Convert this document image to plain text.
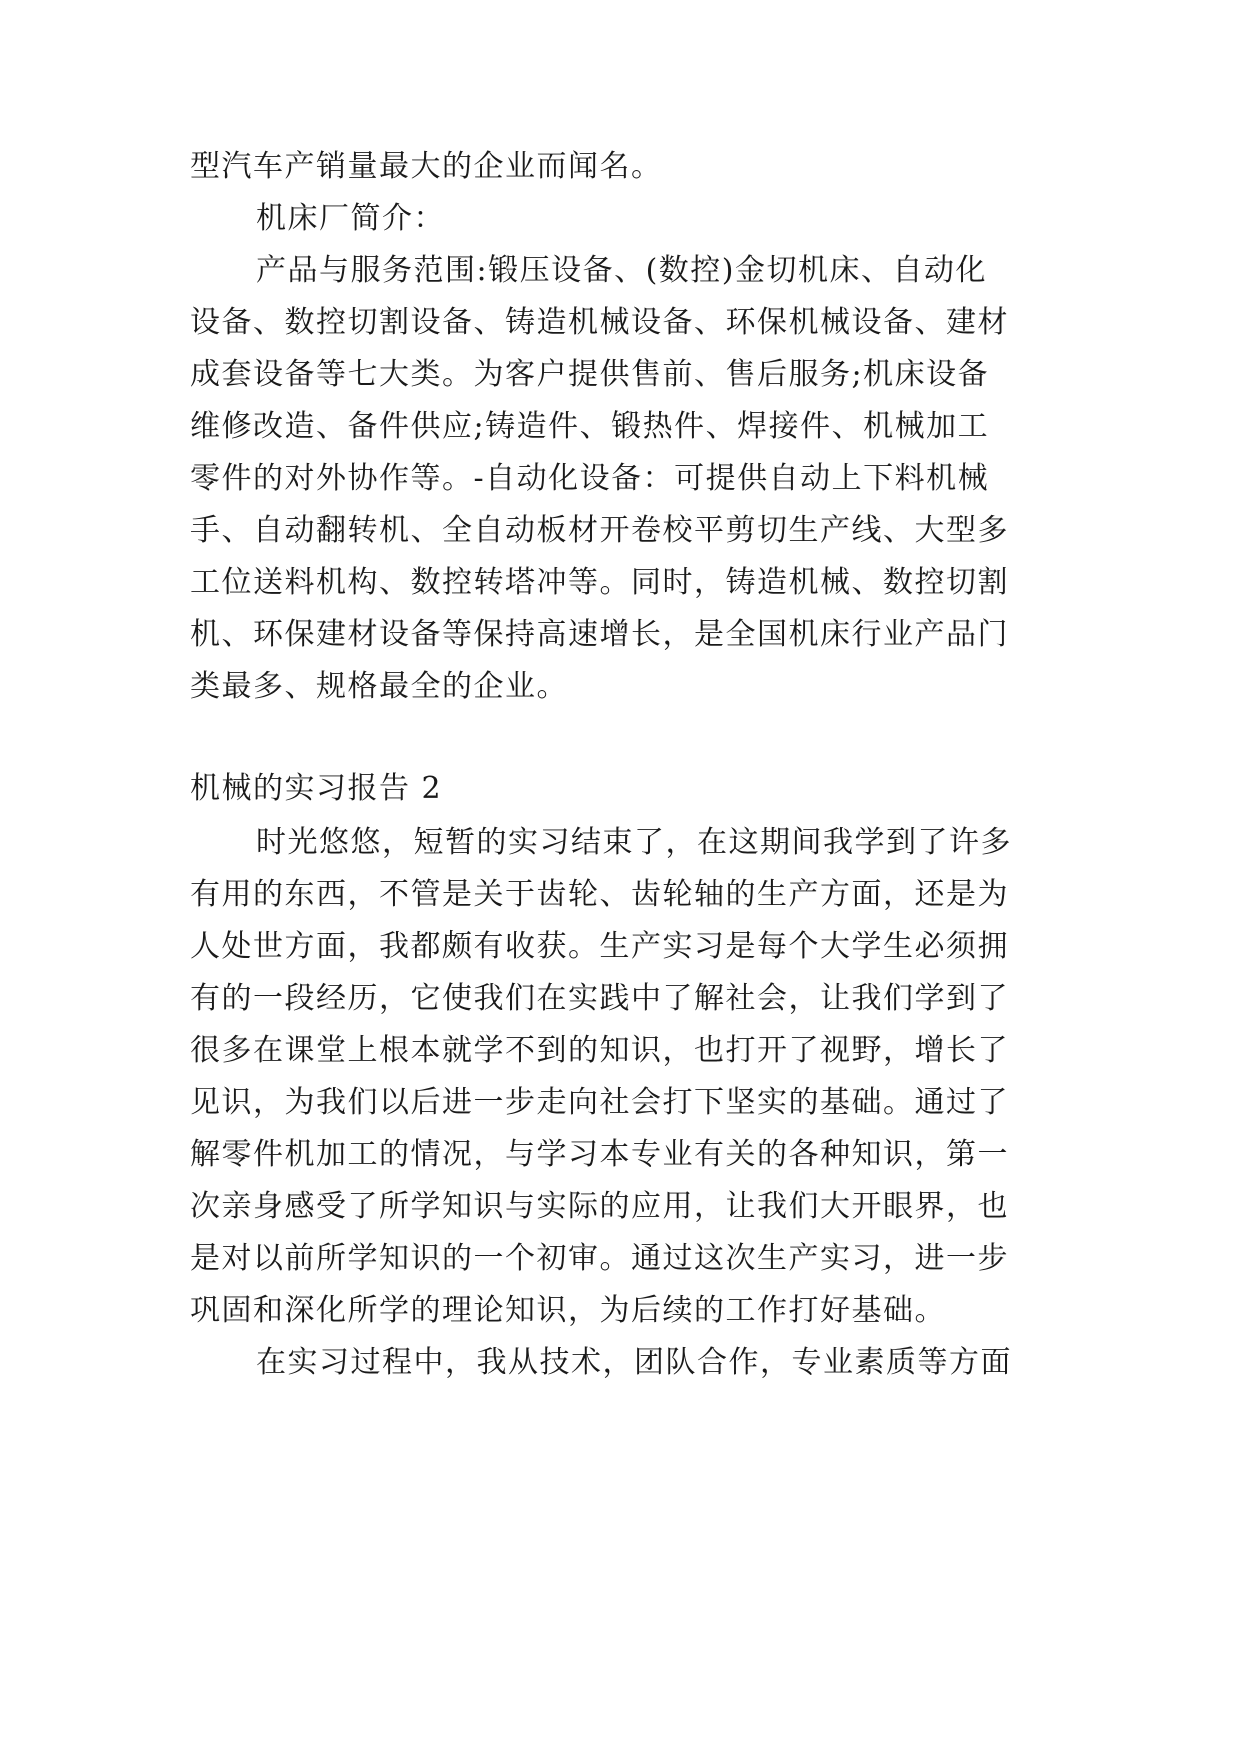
型汽车产销量最大的企业而闻名。
机床厂简介：
产品与服务范围:锻压设备、(数控)金切机床、自动化
设备、数控切割设备、铸造机械设备、环保机械设备、建材
成套设备等七大类。为客户提供售前、售后服务;机床设备
维修改造、备件供应;铸造件、锻热件、焊接件、机械加工
零件的对外协作等。-自动化设备：可提供自动上下料机械
手、自动翻转机、全自动板材开卷校平剪切生产线、大型多
工位送料机构、数控转塔冲等。同时，铸造机械、数控切割
机、环保建材设备等保持高速增长，是全国机床行业产品门
类最多、规格最全的企业。
机械的实习报告 2
时光悠悠，短暂的实习结束了，在这期间我学到了许多
有用的东西，不管是关于齿轮、齿轮轴的生产方面，还是为
人处世方面，我都颇有收获。生产实习是每个大学生必须拥
有的一段经历，它使我们在实践中了解社会，让我们学到了
很多在课堂上根本就学不到的知识，也打开了视野，增长了
见识，为我们以后进一步走向社会打下坚实的基础。通过了
解零件机加工的情况，与学习本专业有关的各种知识，第一
次亲身感受了所学知识与实际的应用，让我们大开眼界，也
是对以前所学知识的一个初审。通过这次生产实习，进一步
巩固和深化所学的理论知识，为后续的工作打好基础。
在实习过程中，我从技术，团队合作，专业素质等方面
